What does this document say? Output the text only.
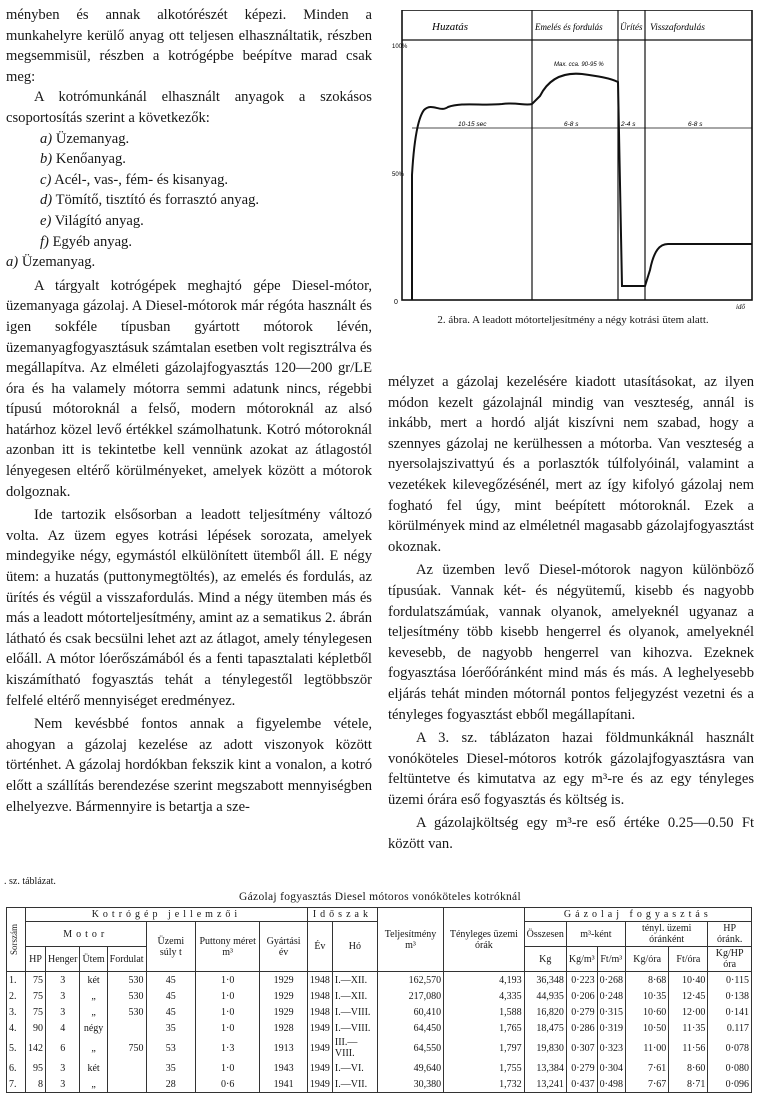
ményben és annak alkotórészét képezi. Minden a munkahelyre kerülő anyag ott teljesen elhasználtatik, részben megsemmisül, részben a kotrógépbe beépítve marad csak meg:

A kotrómunkánál elhasznált anyagok a szokásos csoportosítás szerint a következők:

a) Üzemanyag.

b) Kenőanyag.

c) Acél-, vas-, fém- és kisanyag.

d) Tömítő, tisztító és forrasztó anyag.

e) Világító anyag.

f) Egyéb anyag.

a) Üzemanyag.

A tárgyalt kotrógépek meghajtó gépe Diesel-mótor, üzemanyaga gázolaj. A Diesel-mótorok már régóta használt és igen sokféle típusban gyártott mótorok lévén, üzemanyagfogyasztásuk számtalan esetben volt regisztrálva és megállapítva. Az elméleti gázolajfogyasztás 120—200 gr/LE óra és ha valamely mótorra semmi adatunk nincs, régebbi típusú mótoroknál a felső, modern mótoroknál az alsó határhoz közel levő értékkel számolhatunk. Kotró mótoroknál azonban itt is tekintetbe kell vennünk azokat az átlagostól lényegesen eltérő körülményeket, amelyek között a mótorok dolgoznak.

Ide tartozik elsősorban a leadott teljesítmény változó volta. Az üzem egyes kotrási lépések sorozata, amelyek mindegyike négy, egymástól elkülönített ütemből áll. E négy ütem: a huzatás (puttonymegtöltés), az emelés és fordulás, az ürítés és végül a visszafordulás. Mind a négy ütemben más és más a leadott mótorteljesítmény, amint az a sematikus 2. ábrán látható és csak becsülni lehet azt az átlagot, amely ténylegesen előáll. A mótor lóerőszámából és a fenti tapasztalati képletből kiszámítható fogyasztás tehát a ténylegestől legtöbbször felfelé eltérő mennyiséget eredményez.

Nem kevésbbé fontos annak a figyelembe vétele, ahogyan a gázolaj kezelése az adott viszonyok között történhet. A gázolaj hordókban fekszik kint a vonalon, a kotró előtt a szállítás berendezése szerint megszabott mennyiségben elhelyezve. Bármennyire is betartja a sze-

Huzatás	Emelés és fordulás Ürítés Visszafordulás
100%
50%
0
idő
Max. cca. 90-95 %
10-15 sec	6-8 s	2-4 s	6-8 s
2. ábra. A leadott mótorteljesítmény a négy kotrási ütem alatt.

mélyzet a gázolaj kezelésére kiadott utasításokat, az ilyen módon kezelt gázolajnál mindig van veszteség, annál is inkább, mert a hordó alját kiszívni nem szabad, hogy a szennyes gázolaj ne kerülhessen a mótorba. Van veszteség a nyersolajszivattyú és a porlasztók túlfolyóinál, valamint a vezetékek kilevegőzésénél, mert az így kifolyó gázolaj nem fogható fel úgy, mint beépített mótoroknál. Ezek a körülmények mind az elméletnél magasabb gázolajfogyasztást okoznak.

Az üzemben levő Diesel-mótorok nagyon különböző típusúak. Vannak két- és négyütemű, kisebb és nagyobb fordulatszámúak, vannak olyanok, amelyeknél ugyanaz a teljesítmény több kisebb hengerrel és olyanok, amelyeknél kevesebb, de nagyobb hengerrel van kihozva. Ezeknek fogyasztása lóerőóránként mind más és más. A leghelyesebb eljárás tehát minden mótornál pontos feljegyzést vezetni és a tényleges fogyasztást ebből megállapítani.

A 3. sz. táblázaton hazai földmunkáknál használt vonóköteles Diesel-mótoros kotrók gázolajfogyasztásra van feltüntetve és kimutatva az egy m³-re és az egy tényleges üzemi órára eső fogyasztás és költség is.

A gázolajköltség egy m³-re eső értéke 0.25—0.50 Ft között van.

. sz. táblázat.
Gázolaj fogyasztás Diesel mótoros vonóköteles kotróknál
Sorszám	Kotrógép jellemzői							Időszak		Teljesítmény m³	Tényleges üzemi órák	Gázolaj fogyasztás					
	Motor				Üzemi súly t	Puttony méret m³	Gyártási év	Év	Hó			Összesen	m³-ként		tényl. üzemi óránként		HP óránk.
	HP	Henger	Ütem	Fordulat								Kg	Kg/m³	Ft/m³	Kg/óra	Ft/óra	Kg/HP óra
1.	75	3	két	530	45	1·0	1929	1948	I.—XII.	162,570	4,193	36,348	0·223	0·268	8·68	10·40	0·115
2.	75	3	„	530	45	1·0	1929	1948	I.—XII.	217,080	4,335	44,935	0·206	0·248	10·35	12·45	0·138
3.	75	3	„	530	45	1·0	1929	1948	I.—VIII.	60,410	1,588	16,820	0·279	0·315	10·60	12·00	0·141
4.	90	4	négy		35	1·0	1928	1949	I.—VIII.	64,450	1,765	18,475	0·286	0·319	10·50	11·35	0.117
5.	142	6	„	750	53	1·3	1913	1949	III.—VIII.	64,550	1,797	19,830	0·307	0·323	11·00	11·56	0·078
6.	95	3	két		35	1·0	1943	1949	I.—VI.	49,640	1,755	13,384	0·279	0·304	7·61	8·60	0·080
7.	8	3	„		28	0·6	1941	1949	I.—VII.	30,380	1,732	13,241	0·437	0·498	7·67	8·71	0·096
